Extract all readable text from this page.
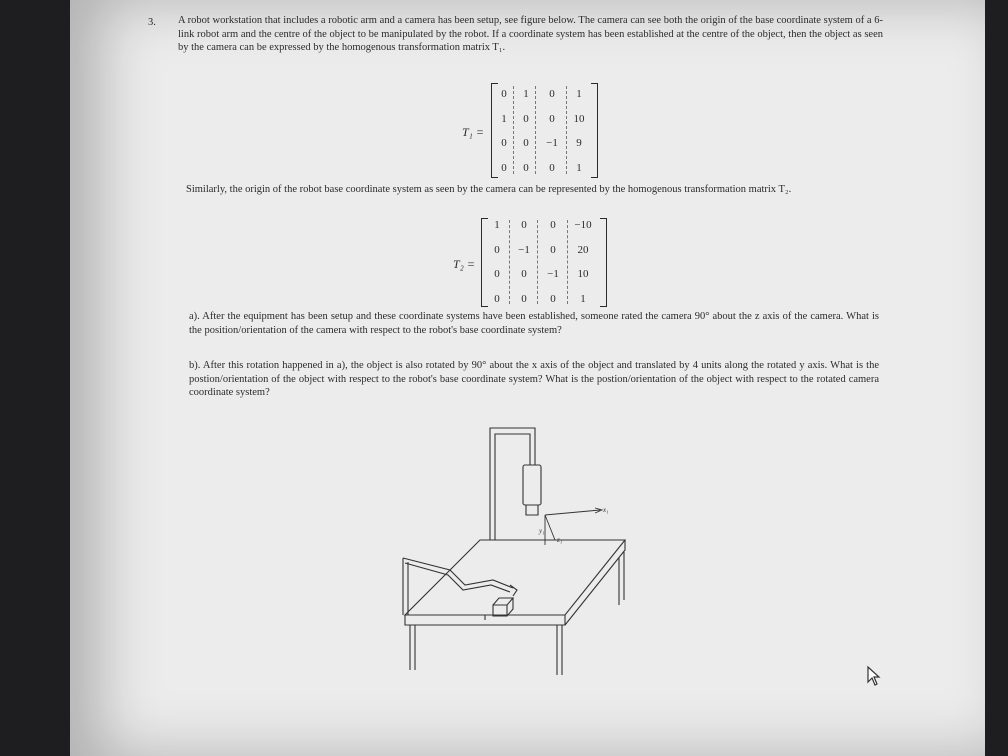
3. A robot workstation that includes a robotic arm and a camera has been setup, see figure below. The camera can see both the origin of the base coordinate system of a 6-link robot arm and the centre of the object to be manipulated by the robot. If a coordinate system has been established at the centre of the object, then the object as seen by the camera can be expressed by the homogenous transformation matrix T₁.
T₁ =
0	1	0	1
1	0	0	10
0	0	−1	9
0	0	0	1
Similarly, the origin of the robot base coordinate system as seen by the camera can be represented by the homogenous transformation matrix T₂.
T₂ =
1	0	0	−10
0	−1	0	20
0	0	−1	10
0	0	0	1
a). After the equipment has been setup and these coordinate systems have been established, someone rated the camera 90° about the z axis of the camera. What is the position/orientation of the camera with respect to the robot's base coordinate system?
b). After this rotation happened in a), the object is also rotated by 90° about the x axis of the object and translated by 4 units along the rotated y axis. What is the postion/orientation of the object with respect to the robot's base coordinate system? What is the postion/orientation of the object with respect to the rotated camera coordinate system?
x₁
y₁
z₁
